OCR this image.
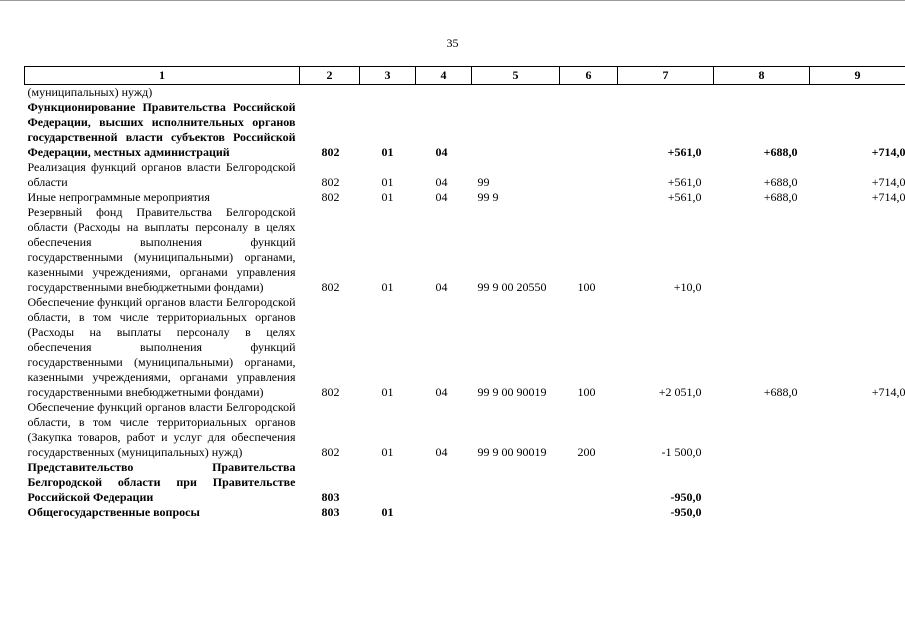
35
1	2	3	4	5	6	7	8	9
(муниципальных) нужд)								
Функционирование Правительства Российской Федерации, высших исполнительных органов государственной власти субъектов Российской Федерации, местных администраций	802	01	04			+561,0	+688,0	+714,0
Реализация функций органов власти Белгородской области	802	01	04	99		+561,0	+688,0	+714,0
Иные непрограммные мероприятия	802	01	04	99 9		+561,0	+688,0	+714,0
Резервный фонд Правительства Белгородской области (Расходы на выплаты персоналу в целях обеспечения выполнения функций государственными (муниципальными) органами, казенными учреждениями, органами управления государственными внебюджетными фондами)	802	01	04	99 9 00 20550	100	+10,0		
Обеспечение функций органов власти Белгородской области, в том числе территориальных органов (Расходы на выплаты персоналу в целях обеспечения выполнения функций государственными (муниципальными) органами, казенными учреждениями, органами управления государственными внебюджетными фондами)	802	01	04	99 9 00 90019	100	+2 051,0	+688,0	+714,0
Обеспечение функций органов власти Белгородской области, в том числе территориальных органов (Закупка товаров, работ и услуг для обеспечения государственных (муниципальных) нужд)	802	01	04	99 9 00 90019	200	-1 500,0		
Представительство Правительства Белгородской области при Правительстве Российской Федерации	803					-950,0		
Общегосударственные вопросы	803	01				-950,0		
